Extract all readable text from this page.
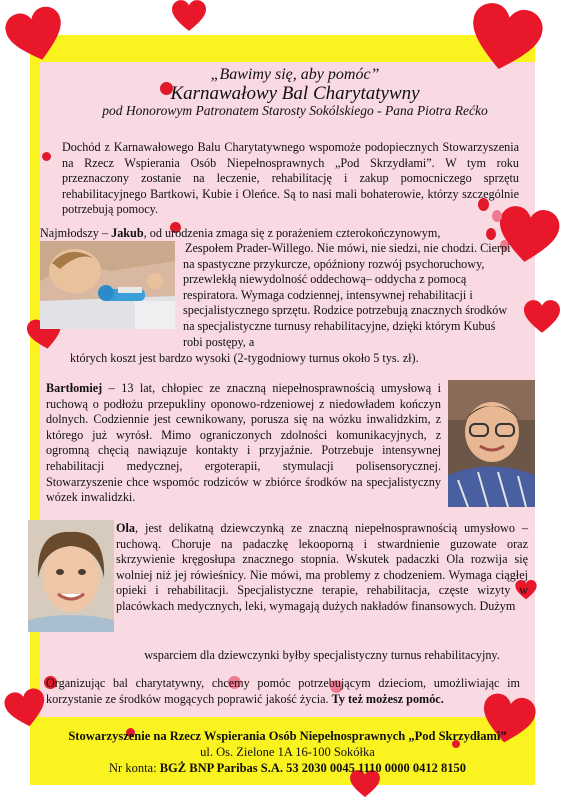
„Bawimy się, aby pomóc”
Karnawałowy Bal Charytatywny
pod Honorowym Patronatem Starosty Sokólskiego - Pana Piotra Rećko

Dochód z Karnawałowego Balu Charytatywnego wspomoże podopiecznych Stowarzyszenia na Rzecz Wspierania Osób Niepełnosprawnych „Pod Skrzydłami”. W tym roku przeznaczony zostanie na leczenie, rehabilitację i zakup pomocniczego sprzętu rehabilitacyjnego Bartkowi, Kubie i Oleńce. Są to nasi mali bohaterowie, którzy szczególnie potrzebują pomocy.

Najmłodszy – Jakub, od urodzenia zmaga się z porażeniem czterokończynowym,

Zespołem Prader-Willego. Nie mówi, nie siedzi, nie chodzi. Cierpi na spastyczne przykurcze, opóźniony rozwój psychoruchowy, przewlekłą niewydolność oddechową– oddycha z pomocą respiratora. Wymaga codziennej, intensywnej rehabilitacji i specjalistycznego sprzętu. Rodzice potrzebują znacznych środków na specjalistyczne turnusy rehabilitacyjne, dzięki którym Kubuś robi postępy, a

których koszt jest bardzo wysoki (2-tygodniowy turnus około 5 tys. zł).

Bartłomiej – 13 lat, chłopiec ze znaczną niepełnosprawnością umysłową i ruchową o podłożu przepukliny oponowo-rdzeniowej z niedowładem kończyn dolnych. Codziennie jest cewnikowany, porusza się na wózku inwalidzkim, z którego już wyrósł. Mimo ograniczonych zdolności komunikacyjnych, z ogromną chęcią nawiązuje kontakty i przyjaźnie. Potrzebuje intensywnej rehabilitacji medycznej, ergoterapii, stymulacji polisensorycznej. Stowarzyszenie chce wspomóc rodziców w zbiórce środków na specjalistyczny wózek inwalidzki.

Ola, jest delikatną dziewczynką ze znaczną niepełnosprawnością umysłowo – ruchową. Choruje na padaczkę lekooporną i stwardnienie guzowate oraz skrzywienie kręgosłupa znacznego stopnia. Wskutek padaczki Ola rozwija się wolniej niż jej rówieśnicy. Nie mówi, ma problemy z chodzeniem. Wymaga ciągłej opieki i rehabilitacji. Specjalistyczne terapie, rehabilitacja, częste wizyty w placówkach medycznych, leki, wymagają dużych nakładów finansowych. Dużym

wsparciem dla dziewczynki byłby specjalistyczny turnus rehabilitacyjny.

Organizując bal charytatywny, chcemy pomóc potrzebującym dzieciom, umożliwiając im korzystanie ze środków mogących poprawić jakość życia. Ty też możesz pomóc.

Stowarzyszenie na Rzecz Wspierania Osób Niepełnosprawnych „Pod Skrzydłami”
ul. Os. Zielone 1A 16-100 Sokółka
Nr konta: BGŻ BNP Paribas S.A. 53 2030 0045 1110 0000 0412 8150
